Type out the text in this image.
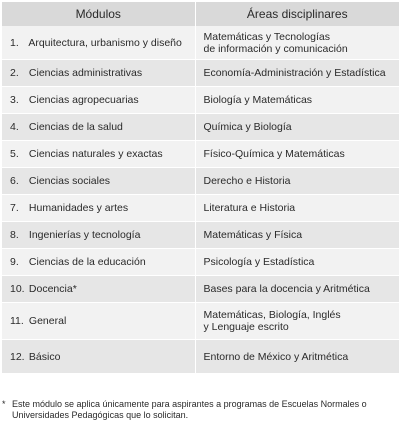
Módulos	Áreas disciplinares
1. Arquitectura, urbanismo y diseño	Matemáticas y Tecnologías
de información y comunicación

2. Ciencias administrativas	Economía-Administración y Estadística

3. Ciencias agropecuarias	Biología y Matemáticas

4. Ciencias de la salud	Química y Biología

5. Ciencias naturales y exactas	Físico-Química y Matemáticas

6. Ciencias sociales	Derecho e Historia

7. Humanidades y artes	Literatura e Historia

8. Ingenierías y tecnología	Matemáticas y Física

9. Ciencias de la educación	Psicología y Estadística

10. Docencia*	Bases para la docencia y Aritmética

11. General	Matemáticas, Biología, Inglés
y Lenguaje escrito

12. Básico	Entorno de México y Aritmética
* Este módulo se aplica únicamente para aspirantes a programas de Escuelas Normales o
Universidades Pedagógicas que lo solicitan.
